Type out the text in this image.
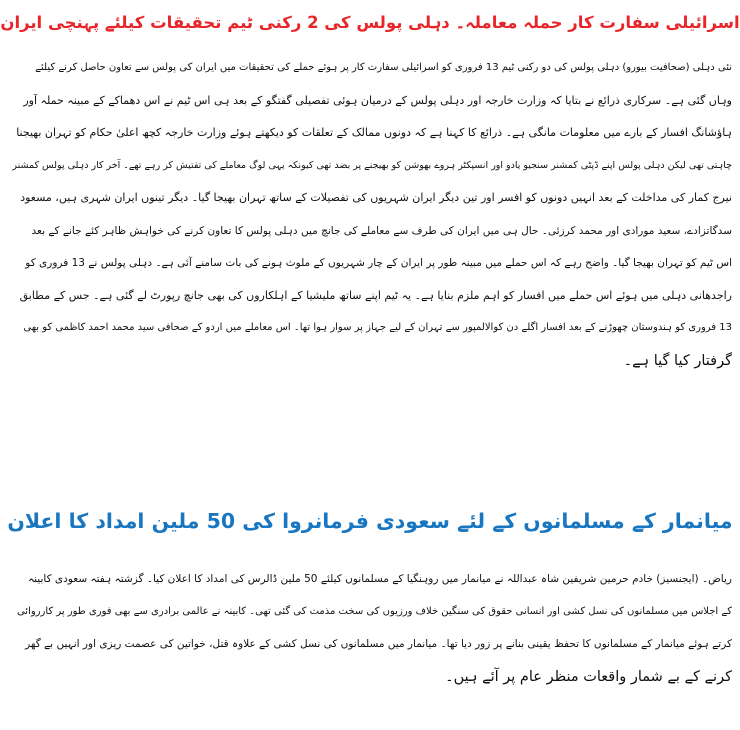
اسرائیلی سفارت کار حملہ معاملہ۔ دہلی پولس کی 2 رکنی ٹیم تحقیقات کیلئے پہنچی ایران
نئی دہلی (صحافیت بیورو) دہلی پولس کی دو رکنی ٹیم 13 فروری کو اسرائیلی سفارت کار پر ہوئے حملے کی تحقیقات میں ایران کی پولس سے تعاون حاصل کرنے کیلئے
وہاں گئی ہے۔ سرکاری ذرائع نے بتایا کہ وزارت خارجہ اور دہلی پولس کے درمیان ہوئی تفصیلی گفتگو کے بعد ہی اس ٹیم نے اس دھماکے کے مبینہ حملہ آور
ہاؤشانگ افسار کے بارے میں معلومات مانگی ہے۔ ذرائع کا کہنا ہے کہ دونوں ممالک کے تعلقات کو دیکھتے ہوئے وزارت خارجہ کچھ اعلیٰ حکام کو تہران بھیجنا
چاہتی تھی لیکن دہلی پولس اپنے ڈپٹی کمشنر سنجیو یادو اور انسپکٹر ہروے بھوشن کو بھیجنے پر بضد تھی کیونکہ یہی لوگ معاملے کی تفتیش کر رہے تھے۔ آخر کار دہلی پولس کمشنر
نیرج کمار کی مداخلت کے بعد انہیں دونوں کو افسر اور تین دیگر ایران شہریوں کی تفصیلات کے ساتھ تہران بھیجا گیا۔ دیگر تینوں ایران شہری ہیں، مسعود
سدگاتزادے، سعید مورادی اور محمد کرزئی۔ حال ہی میں ایران کی طرف سے معاملے کی جانچ میں دہلی پولس کا تعاون کرنے کی خواہش ظاہر کئے جانے کے بعد
اس ٹیم کو تہران بھیجا گیا۔ واضح رہے کہ اس حملے میں مبینہ طور پر ایران کے چار شہریوں کے ملوث ہونے کی بات سامنے آئی ہے۔ دہلی پولس نے 13 فروری کو
راجدھانی دہلی میں ہوئے اس حملے میں افسار کو اہم ملزم بنایا ہے۔ یہ ٹیم اپنے ساتھ ملیشیا کے اہلکاروں کی بھی جانچ رپورٹ لے گئی ہے۔ جس کے مطابق
13 فروری کو ہندوستان چھوڑنے کے بعد افسار اگلے دن کوالالمپور سے تہران کے لیے جہاز پر سوار ہوا تھا۔ اس معاملے میں اردو کے صحافی سید محمد احمد کاظمی کو بھی
گرفتار کیا گیا ہے۔
میانمار کے مسلمانوں کے لئے سعودی فرمانروا کی 50 ملین امداد کا اعلان
ریاض۔ (ایجنسیز) خادم حرمین شریفین شاہ عبداللہ نے میانمار میں روہنگیا کے مسلمانوں کیلئے 50 ملین ڈالرس کی امداد کا اعلان کیا۔ گزشتہ ہفتہ سعودی کابینہ
کے اجلاس میں مسلمانوں کی نسل کشی اور انسانی حقوق کی سنگین خلاف ورزیوں کی سخت مذمت کی گئی تھی۔ کابینہ نے عالمی برادری سے بھی فوری طور پر کارروائی
کرتے ہوئے میانمار کے مسلمانوں کا تحفظ یقینی بنانے پر زور دیا تھا۔ میانمار میں مسلمانوں کی نسل کشی کے علاوہ قتل، خواتین کی عصمت ریزی اور انہیں بے گھر
کرنے کے بے شمار واقعات منظر عام پر آئے ہیں۔
